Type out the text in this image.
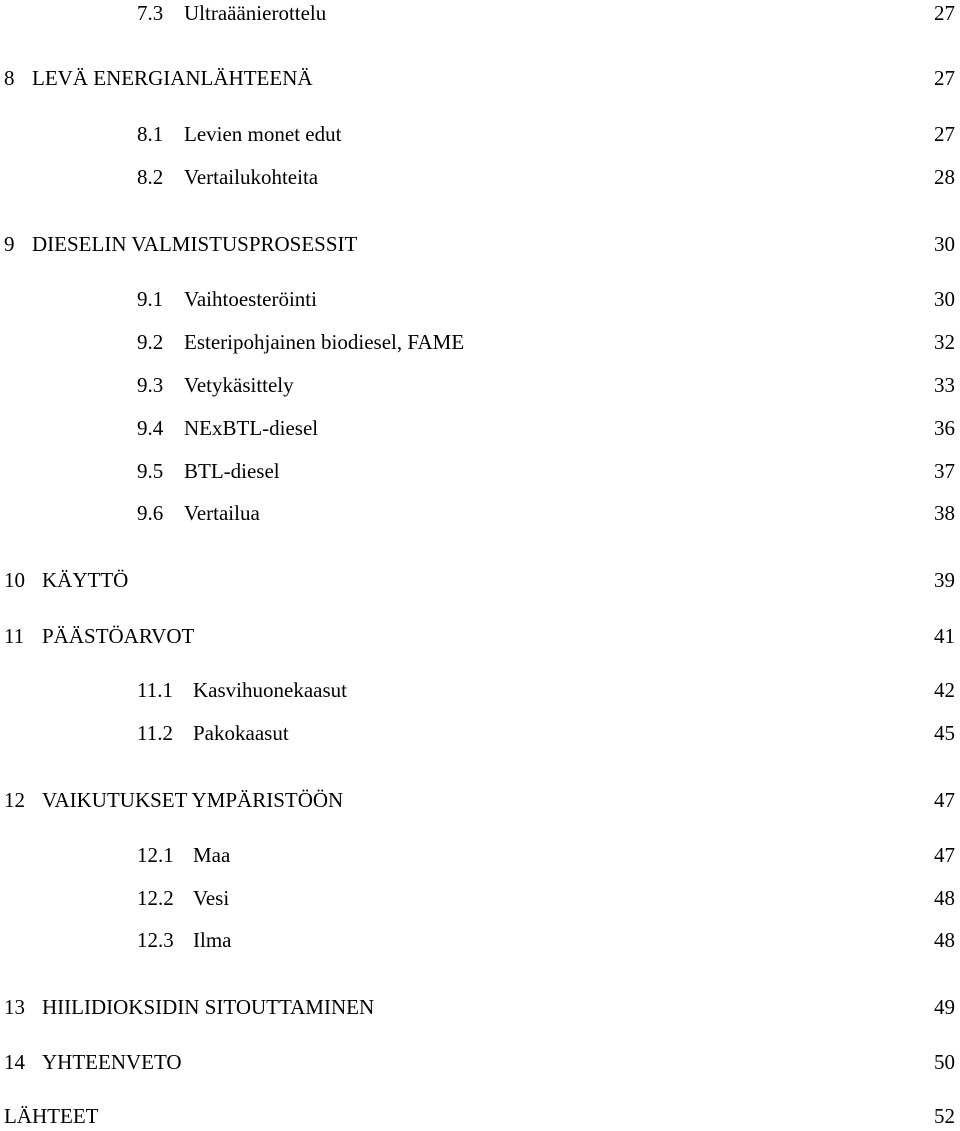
7.3 Ultraäänierottelu	27
8 LEVÄ ENERGIANLÄHTEENÄ	27
8.1 Levien monet edut	27
8.2 Vertailukohteita	28
9 DIESELIN VALMISTUSPROSESSIT	30
9.1 Vaihtoesteröinti	30
9.2 Esteripohjainen biodiesel, FAME	32
9.3 Vetykäsittely	33
9.4 NExBTL-diesel	36
9.5 BTL-diesel	37
9.6 Vertailua	38
10 KÄYTTÖ	39
11 PÄÄSTÖARVOT	41
11.1 Kasvihuonekaasut	42
11.2 Pakokaasut	45
12 VAIKUTUKSET YMPÄRISTÖÖN	47
12.1 Maa	47
12.2 Vesi	48
12.3 Ilma	48
13 HIILIDIOKSIDIN SITOUTTAMINEN	49
14 YHTEENVETO	50
LÄHTEET	52
